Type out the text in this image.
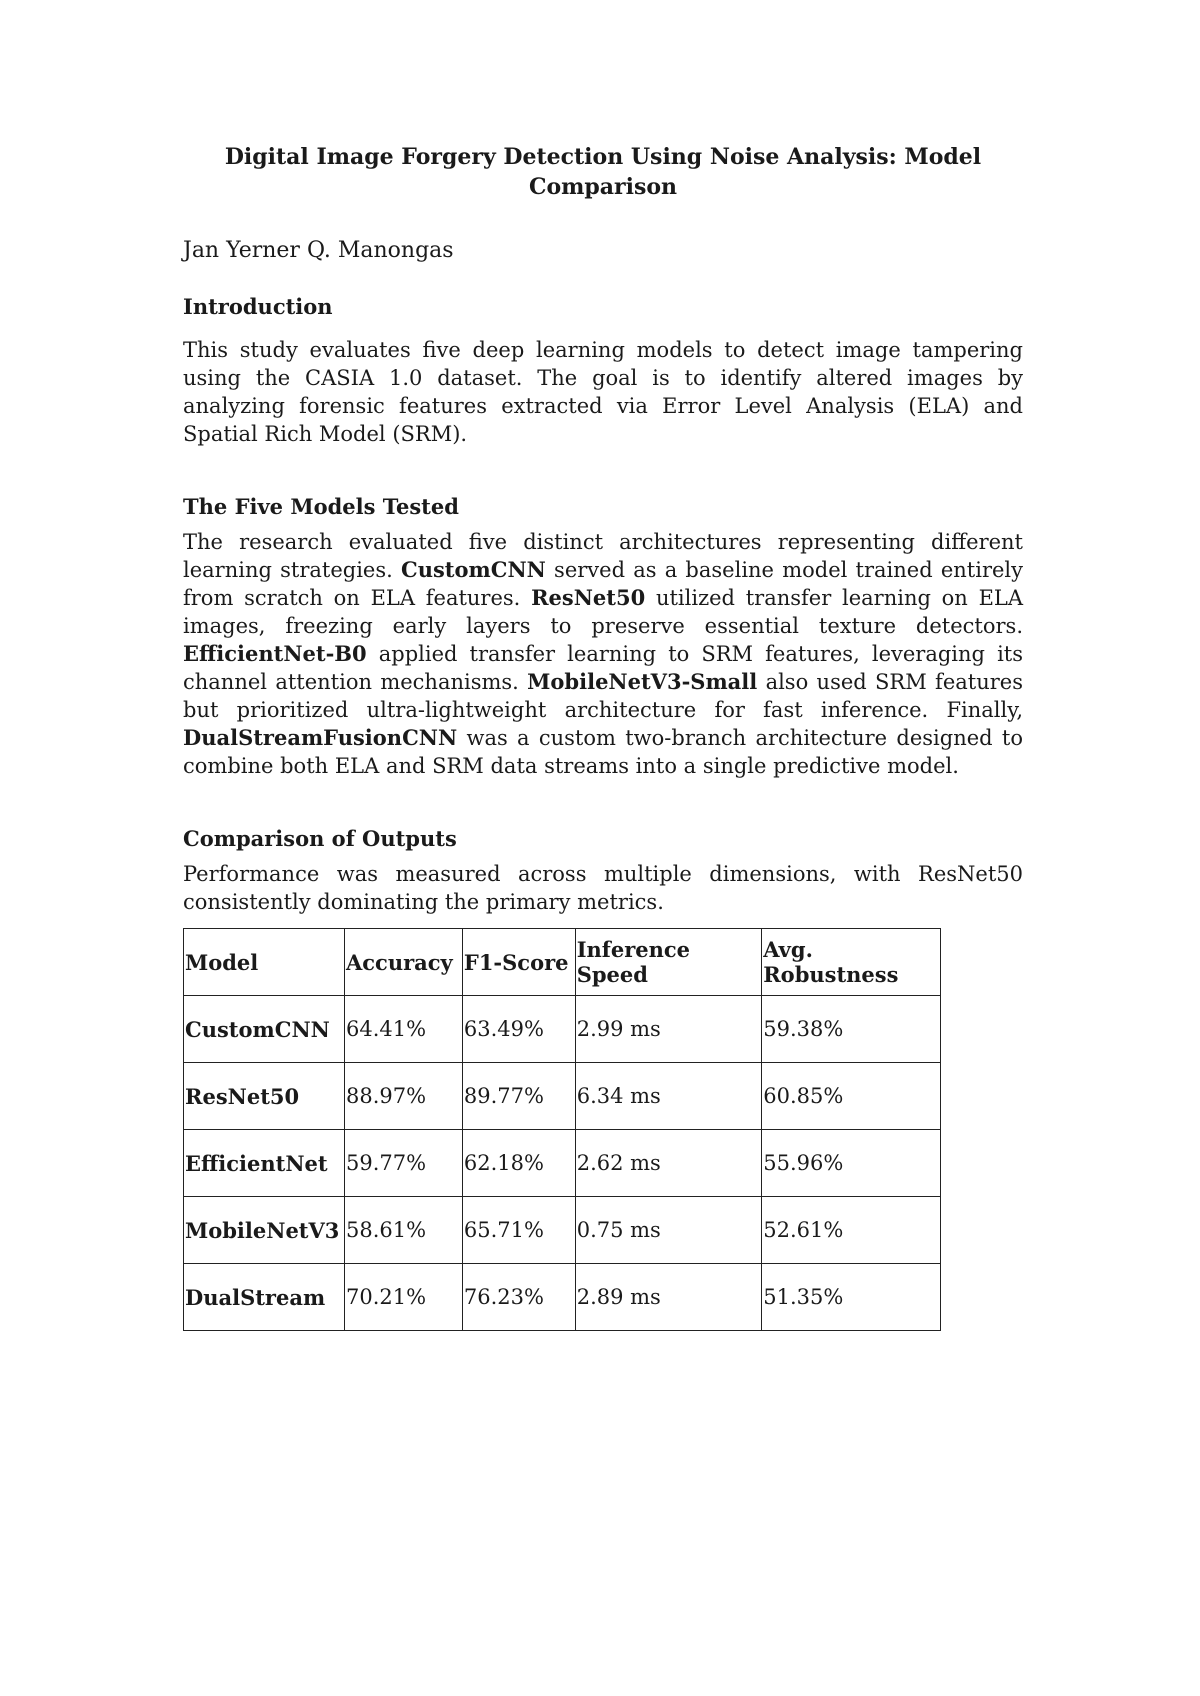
Digital Image Forgery Detection Using Noise Analysis: Model Comparison

Jan Yerner Q. Manongas

Introduction

This study evaluates five deep learning models to detect image tampering using the CASIA 1.0 dataset. The goal is to identify altered images by analyzing forensic features extracted via Error Level Analysis (ELA) and Spatial Rich Model (SRM).

The Five Models Tested

The research evaluated five distinct architectures representing different learning strategies. CustomCNN served as a baseline model trained entirely from scratch on ELA features. ResNet50 utilized transfer learning on ELA images, freezing early layers to preserve essential texture detectors. EfficientNet-B0 applied transfer learning to SRM features, leveraging its channel attention mechanisms. MobileNetV3-Small also used SRM features but prioritized ultra-lightweight architecture for fast inference. Finally, DualStreamFusionCNN was a custom two-branch architecture designed to combine both ELA and SRM data streams into a single predictive model.

Comparison of Outputs

Performance was measured across multiple dimensions, with ResNet50 consistently dominating the primary metrics.

Model	Accuracy	F1-Score	Inference Speed	Avg. Robustness
CustomCNN	64.41%	63.49%	2.99 ms	59.38%
ResNet50	88.97%	89.77%	6.34 ms	60.85%
EfficientNet	59.77%	62.18%	2.62 ms	55.96%
MobileNetV3	58.61%	65.71%	0.75 ms	52.61%
DualStream	70.21%	76.23%	2.89 ms	51.35%
